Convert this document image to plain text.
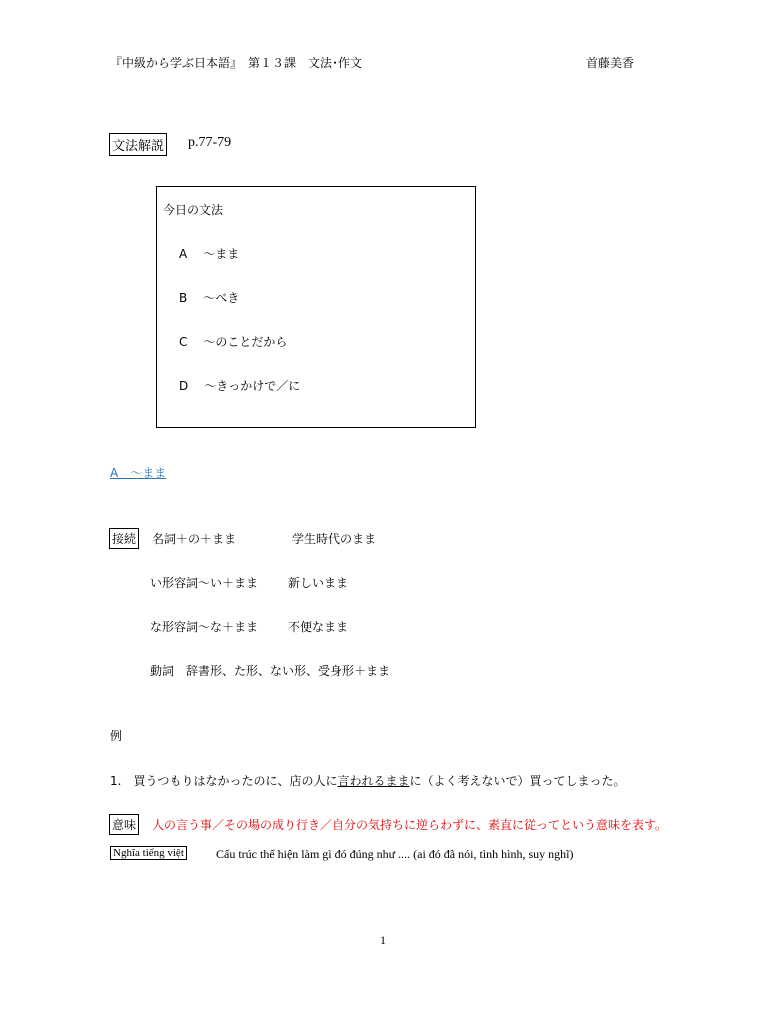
『中級から学ぶ日本語』　第１３課　文法･作文	首藤美香
文法解説 p.77-79
今日の文法
A ～まま
B ～べき
C ～のことだから
D ～きっかけで／に
A　～まま
接続 名詞＋の＋まま	学生時代のまま
い形容詞～い＋まま 新しいまま
な形容詞～な＋まま 不便なまま
動詞　辞書形、た形、ない形、受身形＋まま
例
1. 買うつもりはなかったのに、店の人に言われるままに（よく考えないで）買ってしまった。
意味 人の言う事／その場の成り行き／自分の気持ちに逆らわずに、素直に従ってという意味を表す。
Nghĩa tiếng việt	Cấu trúc thể hiện làm gì đó đúng như .... (ai đó đã nói, tình hình, suy nghĩ)
1
